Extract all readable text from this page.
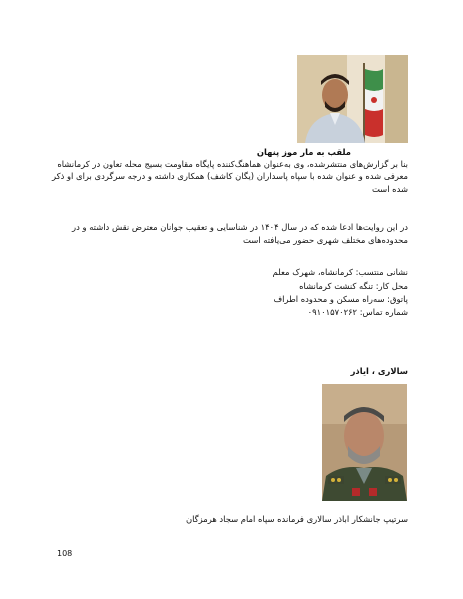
ملقب به مار موز پنهان
بنا بر گزارش‌های منتشرشده، وی به‌عنوان هماهنگ‌کننده پایگاه مقاومت بسیج محله تعاون در کرمانشاه
معرفی شده و عنوان شده با سپاه پاسداران (یگان کاشف) همکاری داشته و درجه سرگردی برای او ذکر
شده است
در این روایت‌ها ادعا شده که در سال ۱۴۰۴ در شناسایی و تعقیب جوانان معترض نقش داشته و در
محدوده‌های مختلف شهری حضور می‌یافته است
نشانی منتسب: کرمانشاه، شهرک معلم
محل کار: تنگه کنشت کرمانشاه
پاتوق: سه‌راه مسکن و محدوده اطراف
شماره تماس: ۰۹۱۰۱۵۷۰۲۶۲
سالاری ، ایاذر
سرتیپ جانشکار اباذر سالاری فرمانده سپاه امام سجاد هرمزگان
108
